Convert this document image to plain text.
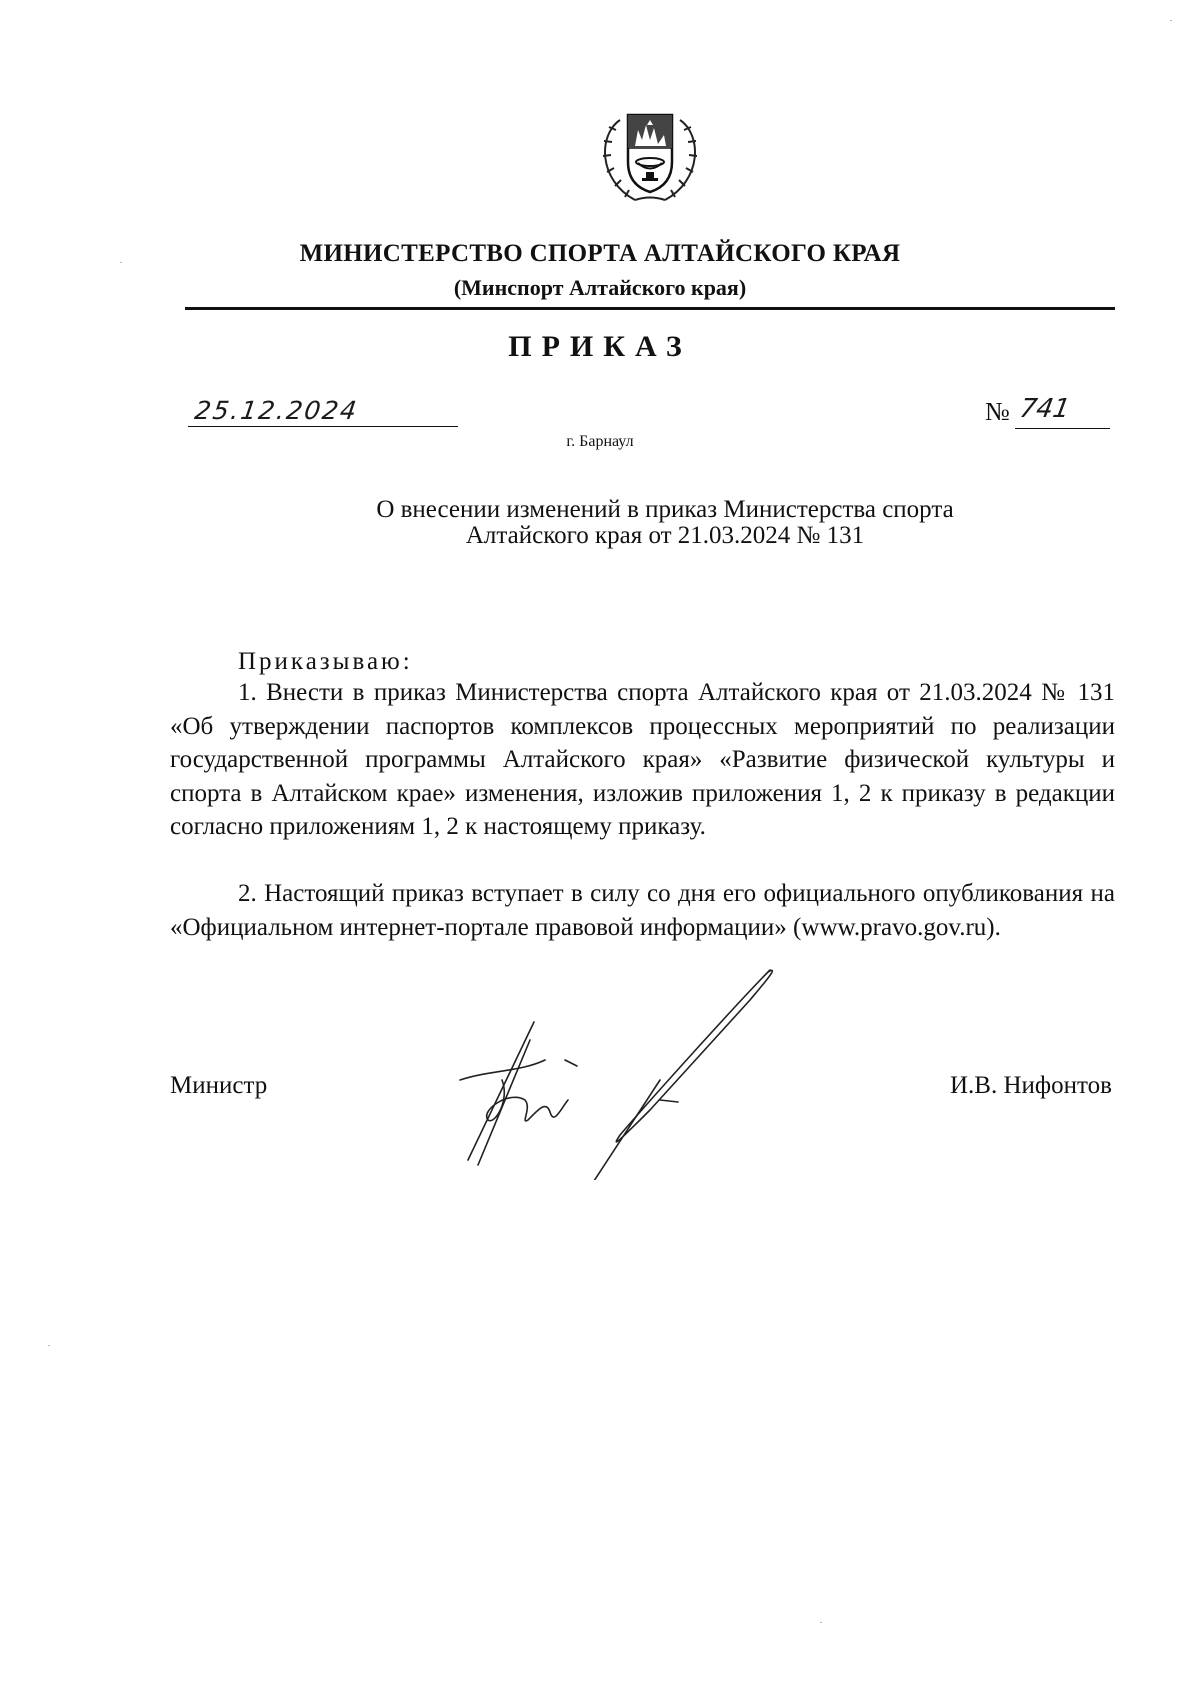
МИНИСТЕРСТВО СПОРТА АЛТАЙСКОГО КРАЯ
(Минспорт Алтайского края)
ПРИКАЗ
25.12.2024	№ 741
г. Барнаул
О внесении изменений в приказ Министерства спорта Алтайского края от 21.03.2024 № 131
Приказываю:
1. Внести в приказ Министерства спорта Алтайского края от 21.03.2024 № 131 «Об утверждении паспортов комплексов процессных мероприятий по реализации государственной программы Алтайского края» «Развитие физической культуры и спорта в Алтайском крае» изменения, изложив приложения 1, 2 к приказу в редакции согласно приложениям 1, 2 к настоящему приказу.
2. Настоящий приказ вступает в силу со дня его официального опубликования на «Официальном интернет-портале правовой информации» (www.pravo.gov.ru).
Министр	И.В. Нифонтов
